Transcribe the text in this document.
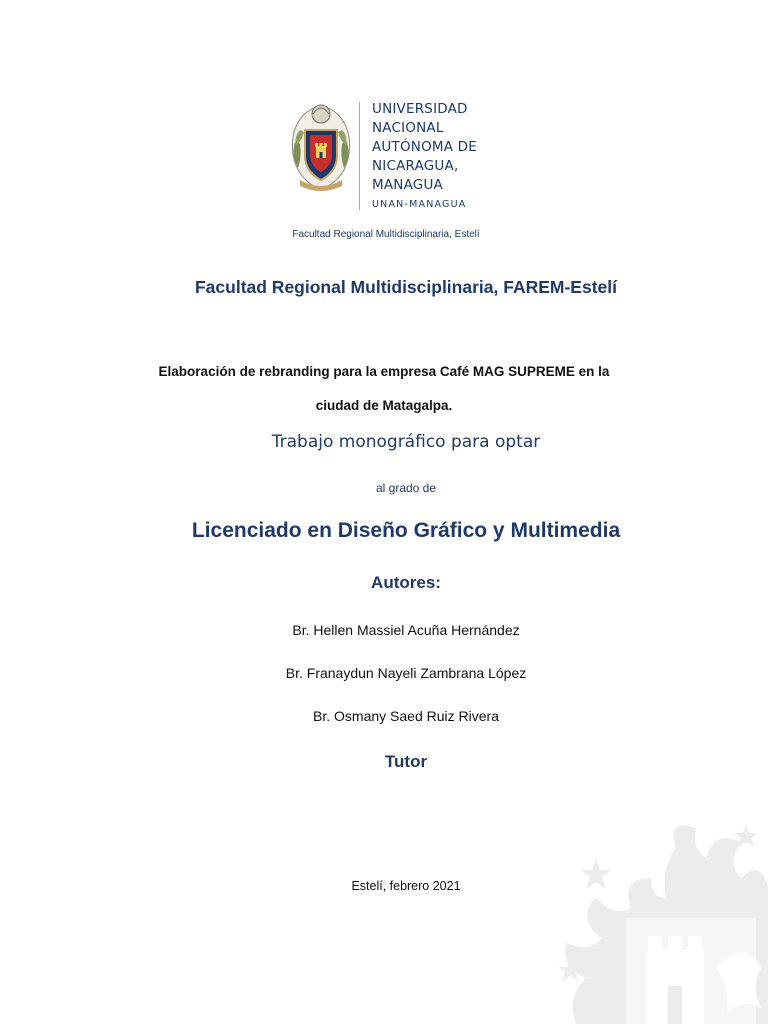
UNIVERSIDAD
NACIONAL
AUTÓNOMA DE
NICARAGUA,
MANAGUA
UNAN-MANAGUA
Facultad Regional Multidisciplinaria, Estelí
Facultad Regional Multidisciplinaria, FAREM-Estelí
Elaboración de rebranding para la empresa Café MAG SUPREME en la
ciudad de Matagalpa.
Trabajo monográfico para optar
al grado de
Licenciado en Diseño Gráfico y Multimedia
Autores:
Br. Hellen Massiel Acuña Hernández
Br. Franaydun Nayeli Zambrana López
Br. Osmany Saed Ruiz Rivera
Tutor
Estelí, febrero 2021
